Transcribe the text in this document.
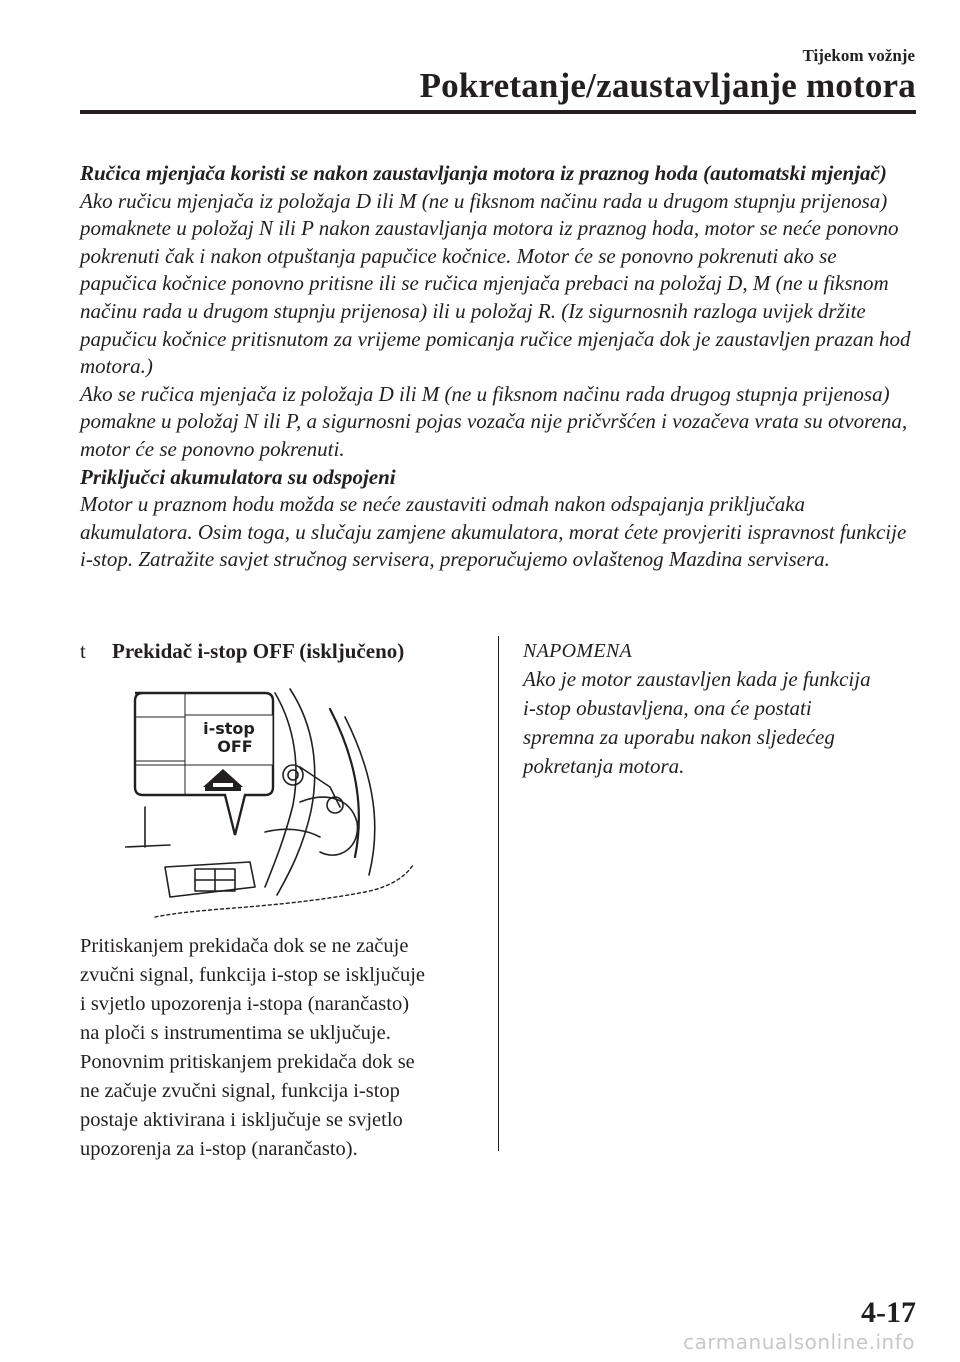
Tijekom vožnje
Pokretanje/zaustavljanje motora

Ručica mjenjača koristi se nakon zaustavljanja motora iz praznog hoda (automatski mjenjač)

Ako ručicu mjenjača iz položaja D ili M (ne u fiksnom načinu rada u drugom stupnju prijenosa) pomaknete u položaj N ili P nakon zaustavljanja motora iz praznog hoda, motor se neće ponovno pokrenuti čak i nakon otpuštanja papučice kočnice. Motor će se ponovno pokrenuti ako se papučica kočnice ponovno pritisne ili se ručica mjenjača prebaci na položaj D, M (ne u fiksnom načinu rada u drugom stupnju prijenosa) ili u položaj R. (Iz sigurnosnih razloga uvijek držite papučicu kočnice pritisnutom za vrijeme pomicanja ručice mjenjača dok je zaustavljen prazan hod motora.)

Ako se ručica mjenjača iz položaja D ili M (ne u fiksnom načinu rada drugog stupnja prijenosa) pomakne u položaj N ili P, a sigurnosni pojas vozača nije pričvršćen i vozačeva vrata su otvorena, motor će se ponovno pokrenuti.

Priključci akumulatora su odspojeni

Motor u praznom hodu možda se neće zaustaviti odmah nakon odspajanja priključaka akumulatora. Osim toga, u slučaju zamjene akumulatora, morat ćete provjeriti ispravnost funkcije i-stop. Zatražite savjet stručnog servisera, preporučujemo ovlaštenog Mazdina servisera.

t Prekidač i-stop OFF (isključeno)
i-stop
OFF

Pritiskanjem prekidača dok se ne začuje

zvučni signal, funkcija i-stop se isključuje

i svjetlo upozorenja i-stopa (narančasto)

na ploči s instrumentima se uključuje.

Ponovnim pritiskanjem prekidača dok se

ne začuje zvučni signal, funkcija i-stop

postaje aktivirana i isključuje se svjetlo

upozorenja za i-stop (narančasto).

NAPOMENA

Ako je motor zaustavljen kada je funkcija

i-stop obustavljena, ona će postati

spremna za uporabu nakon sljedećeg

pokretanja motora.

4-17
carmanualsonline.info
